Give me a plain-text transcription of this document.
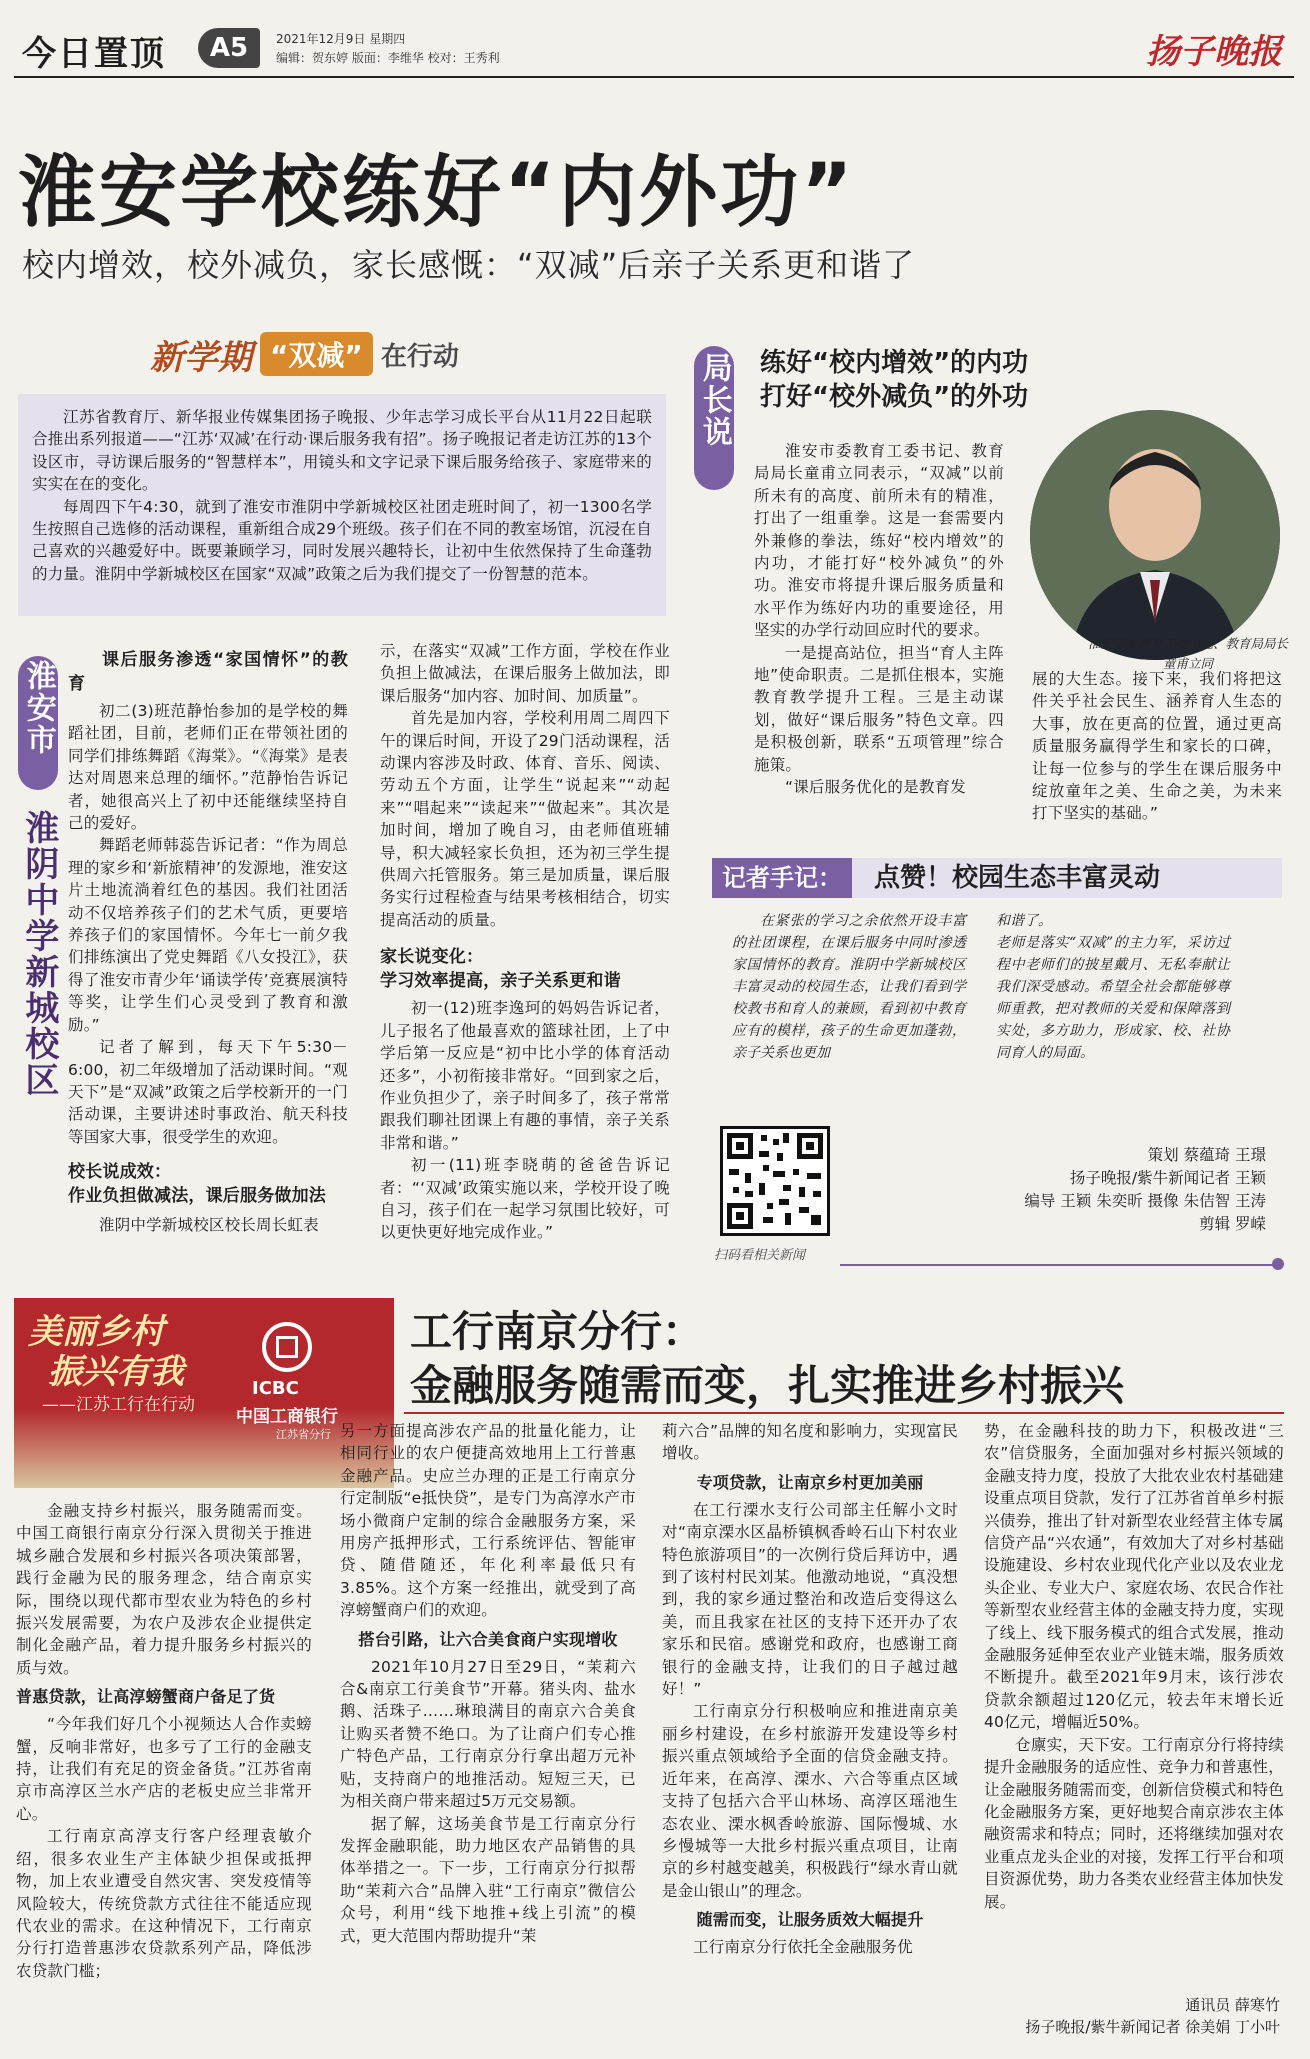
今日置顶	A5	2021年12月9日 星期四
编辑：贺东婷 版面：李维华 校对：王秀利	扬子晚报
淮安学校练好“内外功”
校内增效，校外减负，家长感慨：“双减”后亲子关系更和谐了
新学期 “双减” 在行动

江苏省教育厅、新华报业传媒集团扬子晚报、少年志学习成长平台从11月22日起联合推出系列报道——“江苏‘双减’在行动·课后服务我有招”。扬子晚报记者走访江苏的13个设区市，寻访课后服务的“智慧样本”，用镜头和文字记录下课后服务给孩子、家庭带来的实实在在的变化。

每周四下午4:30，就到了淮安市淮阴中学新城校区社团走班时间了，初一1300名学生按照自己选修的活动课程，重新组合成29个班级。孩子们在不同的教室场馆，沉浸在自己喜欢的兴趣爱好中。既要兼顾学习，同时发展兴趣特长，让初中生依然保持了生命蓬勃的力量。淮阴中学新城校区在国家“双减”政策之后为我们提交了一份智慧的范本。

淮安市
淮阴中学新城校区
课后服务渗透“家国情怀”的教育

初二(3)班范静怡参加的是学校的舞蹈社团，目前，老师们正在带领社团的同学们排练舞蹈《海棠》。“《海棠》是表达对周恩来总理的缅怀。”范静怡告诉记者，她很高兴上了初中还能继续坚持自己的爱好。

舞蹈老师韩蕊告诉记者：“作为周总理的家乡和‘新旅精神’的发源地，淮安这片土地流淌着红色的基因。我们社团活动不仅培养孩子们的艺术气质，更要培养孩子们的家国情怀。今年七一前夕我们排练演出了党史舞蹈《八女投江》，获得了淮安市青少年‘诵读学传’竞赛展演特等奖，让学生们心灵受到了教育和激励。”

记者了解到，每天下午5:30－6:00，初二年级增加了活动课时间。“观天下”是“双减”政策之后学校新开的一门活动课，主要讲述时事政治、航天科技等国家大事，很受学生的欢迎。

校长说成效：
作业负担做减法，课后服务做加法

淮阴中学新城校区校长周长虹表

示，在落实“双减”工作方面，学校在作业负担上做减法，在课后服务上做加法，即课后服务“加内容、加时间、加质量”。

首先是加内容，学校利用周二周四下午的课后时间，开设了29门活动课程，活动课内容涉及时政、体育、音乐、阅读、劳动五个方面，让学生“说起来”“动起来”“唱起来”“读起来”“做起来”。其次是加时间，增加了晚自习，由老师值班辅导，积大减轻家长负担，还为初三学生提供周六托管服务。第三是加质量，课后服务实行过程检查与结果考核相结合，切实提高活动的质量。

家长说变化：
学习效率提高，亲子关系更和谐

初一(12)班李逸珂的妈妈告诉记者，儿子报名了他最喜欢的篮球社团，上了中学后第一反应是“初中比小学的体育活动还多”，小初衔接非常好。“回到家之后，作业负担少了，亲子时间多了，孩子常常跟我们聊社团课上有趣的事情，亲子关系非常和谐。”

初一(11)班李晓萌的爸爸告诉记者：“‘双减’政策实施以来，学校开设了晚自习，孩子们在一起学习氛围比较好，可以更快更好地完成作业。”

局长说 练好“校内增效”的内功
打好“校外减负”的外功

淮安市委教育工委书记、教育局局长童甫立同表示，“双减”以前所未有的高度、前所未有的精准，打出了一组重拳。这是一套需要内外兼修的拳法，练好“校内增效”的内功，才能打好“校外减负”的外功。淮安市将提升课后服务质量和水平作为练好内功的重要途径，用坚实的办学行动回应时代的要求。

一是提高站位，担当“育人主阵地”使命职责。二是抓住根本，实施教育教学提升工程。三是主动谋划，做好“课后服务”特色文章。四是积极创新，联系“五项管理”综合施策。

“课后服务优化的是教育发

淮安市委教育工委书记、教育局局长童甫立同

展的大生态。接下来，我们将把这件关乎社会民生、涵养育人生态的大事，放在更高的位置，通过更高质量服务赢得学生和家长的口碑，让每一位参与的学生在课后服务中绽放童年之美、生命之美，为未来打下坚实的基础。”

记者手记：	点赞！校园生态丰富灵动
在紧张的学习之余依然开设丰富的社团课程，在课后服务中同时渗透家国情怀的教育。淮阴中学新城校区丰富灵动的校园生态，让我们看到学校教书和育人的兼顾，看到初中教育应有的模样，孩子的生命更加蓬勃，亲子关系也更加
和谐了。
老师是落实“双减”的主力军，采访过程中老师们的披星戴月、无私奉献让我们深受感动。希望全社会都能够尊师重教，把对教师的关爱和保障落到实处，多方助力，形成家、校、社协同育人的局面。
扫码看相关新闻
策划 蔡蕴琦 王璟
扬子晚报/紫牛新闻记者 王颖
编导 王颖 朱奕昕 摄像 朱佶智 王涛
剪辑 罗嵘
美丽乡村
振兴有我
——江苏工行在行动
ICBC
中国工商银行
江苏省分行
工行南京分行：
金融服务随需而变，扎实推进乡村振兴

金融支持乡村振兴，服务随需而变。中国工商银行南京分行深入贯彻关于推进城乡融合发展和乡村振兴各项决策部署，践行金融为民的服务理念，结合南京实际，围绕以现代都市型农业为特色的乡村振兴发展需要，为农户及涉农企业提供定制化金融产品，着力提升服务乡村振兴的质与效。

普惠贷款，让高淳螃蟹商户备足了货

“今年我们好几个小视频达人合作卖螃蟹，反响非常好，也多亏了工行的金融支持，让我们有充足的资金备货。”江苏省南京市高淳区兰水产店的老板史应兰非常开心。

工行南京高淳支行客户经理袁敏介绍，很多农业生产主体缺少担保或抵押物，加上农业遭受自然灾害、突发疫情等风险较大，传统贷款方式往往不能适应现代农业的需求。在这种情况下，工行南京分行打造普惠涉农贷款系列产品，降低涉农贷款门槛；

另一方面提高涉农产品的批量化能力，让相同行业的农户便捷高效地用上工行普惠金融产品。史应兰办理的正是工行南京分行定制版“e抵快贷”，是专门为高淳水产市场小微商户定制的综合金融服务方案，采用房产抵押形式，工行系统评估、智能审贷、随借随还，年化利率最低只有3.85%。这个方案一经推出，就受到了高淳螃蟹商户们的欢迎。

搭台引路，让六合美食商户实现增收

2021年10月27日至29日，“茉莉六合&南京工行美食节”开幕。猪头肉、盐水鹅、活珠子……琳琅满目的南京六合美食让购买者赞不绝口。为了让商户们专心推广特色产品，工行南京分行拿出超万元补贴，支持商户的地推活动。短短三天，已为相关商户带来超过5万元交易额。

据了解，这场美食节是工行南京分行发挥金融职能，助力地区农产品销售的具体举措之一。下一步，工行南京分行拟帮助“茉莉六合”品牌入驻“工行南京”微信公众号，利用“线下地推+线上引流”的模式，更大范围内帮助提升“茉

莉六合”品牌的知名度和影响力，实现富民增收。

专项贷款，让南京乡村更加美丽

在工行溧水支行公司部主任解小文时对“南京溧水区晶桥镇枫香岭石山下村农业特色旅游项目”的一次例行贷后拜访中，遇到了该村村民刘某。他激动地说，“真没想到，我的家乡通过整治和改造后变得这么美，而且我家在社区的支持下还开办了农家乐和民宿。感谢党和政府，也感谢工商银行的金融支持，让我们的日子越过越好！”

工行南京分行积极响应和推进南京美丽乡村建设，在乡村旅游开发建设等乡村振兴重点领域给予全面的信贷金融支持。近年来，在高淳、溧水、六合等重点区域支持了包括六合平山林场、高淳区瑶池生态农业、溧水枫香岭旅游、国际慢城、水乡慢城等一大批乡村振兴重点项目，让南京的乡村越变越美，积极践行“绿水青山就是金山银山”的理念。

随需而变，让服务质效大幅提升

工行南京分行依托全金融服务优

势，在金融科技的助力下，积极改进“三农”信贷服务，全面加强对乡村振兴领域的金融支持力度，投放了大批农业农村基础建设重点项目贷款，发行了江苏省首单乡村振兴债券，推出了针对新型农业经营主体专属信贷产品“兴农通”，有效加大了对乡村基础设施建设、乡村农业现代化产业以及农业龙头企业、专业大户、家庭农场、农民合作社等新型农业经营主体的金融支持力度，实现了线上、线下服务模式的组合式发展，推动金融服务延伸至农业产业链末端，服务质效不断提升。截至2021年9月末，该行涉农贷款余额超过120亿元，较去年末增长近40亿元，增幅近50%。

仓廪实，天下安。工行南京分行将持续提升金融服务的适应性、竞争力和普惠性，让金融服务随需而变，创新信贷模式和特色化金融服务方案，更好地契合南京涉农主体融资需求和特点；同时，还将继续加强对农业重点龙头企业的对接，发挥工行平台和项目资源优势，助力各类农业经营主体加快发展。

通讯员 薛寒竹
扬子晚报/紫牛新闻记者 徐美娟 丁小叶
